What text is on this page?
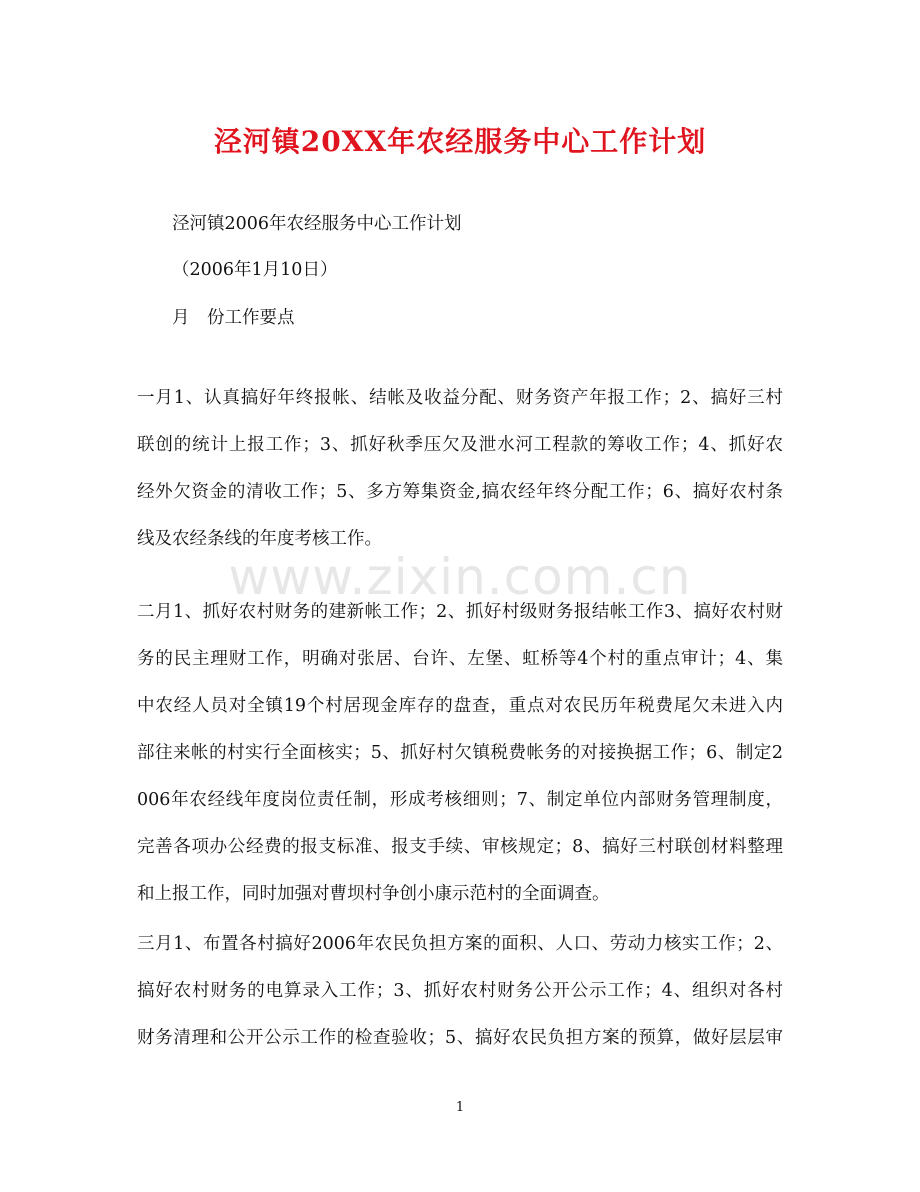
泾河镇20XX年农经服务中心工作计划
泾河镇2006年农经服务中心工作计划
（2006年1月10日）
月　份工作要点
一月1、认真搞好年终报帐、结帐及收益分配、财务资产年报工作；2、搞好三村
联创的统计上报工作；3、抓好秋季压欠及泄水河工程款的筹收工作；4、抓好农
经外欠资金的清收工作；5、多方筹集资金,搞农经年终分配工作；6、搞好农村条
线及农经条线的年度考核工作。
二月1、抓好农村财务的建新帐工作；2、抓好村级财务报结帐工作3、搞好农村财
务的民主理财工作，明确对张居、台许、左堡、虹桥等4个村的重点审计；4、集
中农经人员对全镇19个村居现金库存的盘查，重点对农民历年税费尾欠未进入内
部往来帐的村实行全面核实；5、抓好村欠镇税费帐务的对接换据工作；6、制定2
006年农经线年度岗位责任制，形成考核细则；7、制定单位内部财务管理制度，
完善各项办公经费的报支标准、报支手续、审核规定；8、搞好三村联创材料整理
和上报工作，同时加强对曹坝村争创小康示范村的全面调查。
三月1、布置各村搞好2006年农民负担方案的面积、人口、劳动力核实工作；2、
搞好农村财务的电算录入工作；3、抓好农村财务公开公示工作；4、组织对各村
财务清理和公开公示工作的检查验收；5、搞好农民负担方案的预算，做好层层审
www.zixin.com.cn
1
